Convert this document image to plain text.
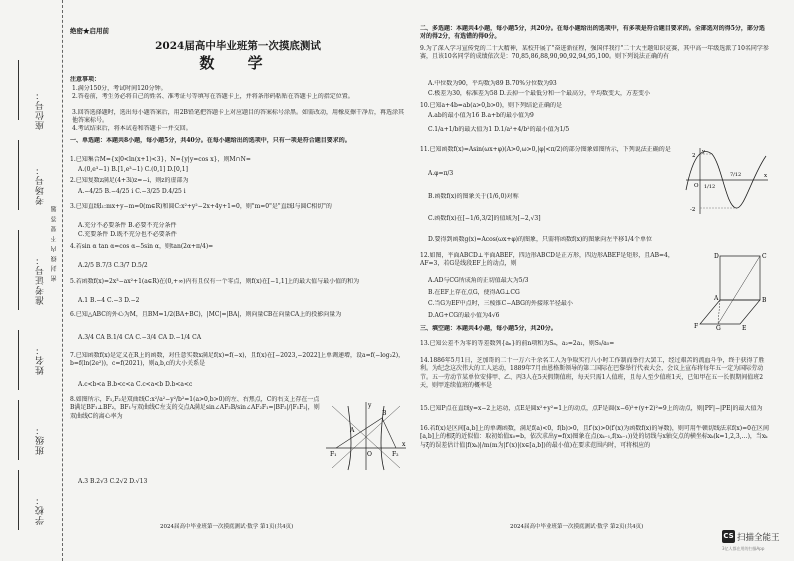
座位号：
考场号：
准考证号： 密 封 线 内 不 要 答 题
姓名：
班级：
学校：
绝密★启用前
2024届高中毕业班第一次摸底测试
数 学
注意事项：
1.满分150分，考试时间120分钟。
2.答卷前，考生务必将自己的姓名、准考证号等填写在答题卡上，并将条形码粘贴在答题卡上的指定位置。
3.回答选择题时，选出每小题答案后，用2B铅笔把答题卡上对应题目的答案标号涂黑。如需改动，用橡皮擦干净后，再选涂其他答案标号。
4.考试结束后，将本试卷和答题卡一并交回。
一、单选题：本题共8小题，每小题5分，共40分。在每小题给出的选项中，只有一项是符合题目要求的。
1.已知集合M={x|0<ln(x+1)<3}，N={y|y=cos x}，则M∩N=
A.(0,e³−1) B.[1,e³−1) C.(0,1] D.[0,1]
2.已知复数z满足(4+3i)z=−i，则z的虚部为
A.−4/25 B.−4/25 i C.−3/25 D.4/25 i
3.已知直线l₁:mx+y−m=0(m∈R)和圆C:x²+y²−2x+4y+1=0，则"m=0"是"直线l与圆C相切"的
A.充分不必要条件 B.必要不充分条件
C.充要条件 D.既不充分也不必要条件
4.若sin α tan α=cos α−5sin α，则tan(2α+π/4)=
A.2/5 B.7/3 C.3/7 D.5/2
5.若函数f(x)=2x³−ax²+1(a∈R)在(0,+∞)内有且仅有一个零点，则f(x)在[−1,1]上的最大值与最小值的和为
A.1 B.−4 C.−3 D.−2
6.已知△ABC的外心为M，且BM=1/2(BA+BC)，|MC|=|BA|，则向量CB在向量CA上的投影向量为
A.3/4 CA B.1/4 CA C.−3/4 CA D.−1/4 CA
7.已知函数f(x)是定义在R上的函数，对任意实数x满足f(x)=f(−x)，且f(x)在[−2023,−2022]上单调递增，设a=f(−log₂2)，b=f(ln(2e²))，c=f(2021)，则a,b,c的大小关系是
A.c<b<a B.b<c<a C.c<a<b D.b<a<c
8.如图所示，F₁,F₂是双曲线C:x²/a²−y²/b²=1(a>0,b>0)的左、右焦点，C的右支上存在一点B满足BF₁⊥BF₂，BF₁与双曲线C左支的交点A满足sin∠AF₂B/sin∠AF₂F₁=|BF₂|/|F₁F₂|，则双曲线C的离心率为
A.3 B.2√3 C.2√2 D.√13
B
A
F₁	O	F₂
x
y
2024届高中毕业班第一次摸底测试·数学 第1页(共4页)
二、多选题：本题共4小题，每小题5分，共20分。在每小题给出的选项中，有多项是符合题目要求的。全部选对的得5分，部分选对的得2分，有选错的得0分。
9.为了深入学习宣传党的二十大精神，某校开展了"奋进新征程，强国伴我行"二十大主题知识竞赛，其中高一年级选派了10名同学参赛，且该10名同学的成绩依次是：70,85,86,88,90,90,92,94,95,100。则下列说法正确的有
A.中位数为90，平均数为89 B.70%分位数为93
C.极差为30，标准差为58 D.去掉一个最低分和一个最高分，平均数变大，方差变小
10.已知a+4b=ab(a>0,b>0)，则下列结论正确的是
A.ab的最小值为16 B.a+b的最小值为9
C.1/a+1/b的最大值为1 D.1/a²+4/b²的最小值为1/5
11.已知函数f(x)=Asin(ωx+φ)(A>0,ω>0,|φ|<π/2)的部分图象如图所示，下列说法正确的是
A.φ=π/3
B.函数f(x)的图象关于(1/6,0)对称
C.函数f(x)在[−1/6,3/2]的值域为[−2,√3]
D.要得到函数g(x)=Acos(ωx+φ)的图象，只需将函数f(x)的图象向左平移1/4个单位
2
-2
O 1/12
7/12	x
y
12.如图，平面ABCD⊥平面ABEF，四边形ABCD是正方形，四边形ABEF是矩形，且AB=4，AF=3，若G是线段EF上的动点，则
A.AD与CG所成角的正切值最大为5/3
B.在EF上存在点G，使得AG⊥CG
C.当G为EF中点时，三棱锥C−ABG的外接球半径最小
D.AG+CG的最小值为4√6
D	C
A	B
F	G	E
三、填空题：本题共4小题，每小题5分，共20分。
13.已知公差不为零的等差数列{aₙ}的前n项和为Sₙ，a₂=2a₁，则S₅/a₅=
14.1886年5月1日，芝加哥的二十一万六千余名工人为争取实行八小时工作制而举行大罢工，经过艰苦的流血斗争，终于获得了胜利。为纪念这次伟大的工人运动，1889年7月由恩格斯领导的第二国际在巴黎举行代表大会，会议上宣布将每年五一定为国际劳动节。五一劳动节某单位安排甲、乙、丙3人在5天假期值班，每天只需1人值班，且每人至少值班1天，已知甲在五一长假期间值班2天，则甲连续值班的概率是
15.已知P点在直线y=x−2上运动，点E是圆x²+y²=1上的动点，点F是圆(x−6)²+(y+2)²=9上的动点，则|PF|−|PE|的最大值为
16.若f(x)是区间[a,b]上的单调函数，满足f(a)<0，f(b)>0，且f′(x)>0(f′(x)为函数f(x)的导数)，则可用牛顿切线法求f(x)=0在区间[a,b]上的根ξ的近似值：取初始值x₀=b，依次求出y=f(x)图象在点(xₖ₋₁,f(xₖ₋₁))处的切线与x轴交点的横坐标xₖ(k=1,2,3,…)，当xₖ与ξ的误差估计值|f(xₖ)|/m(m为|f′(x)|(x∈[a,b])的最小值)在要求范围内时，可将相应的
2024届高中毕业班第一次摸底测试·数学 第2页(共4页)
CS 扫描全能王
3亿人都在用的扫描App
